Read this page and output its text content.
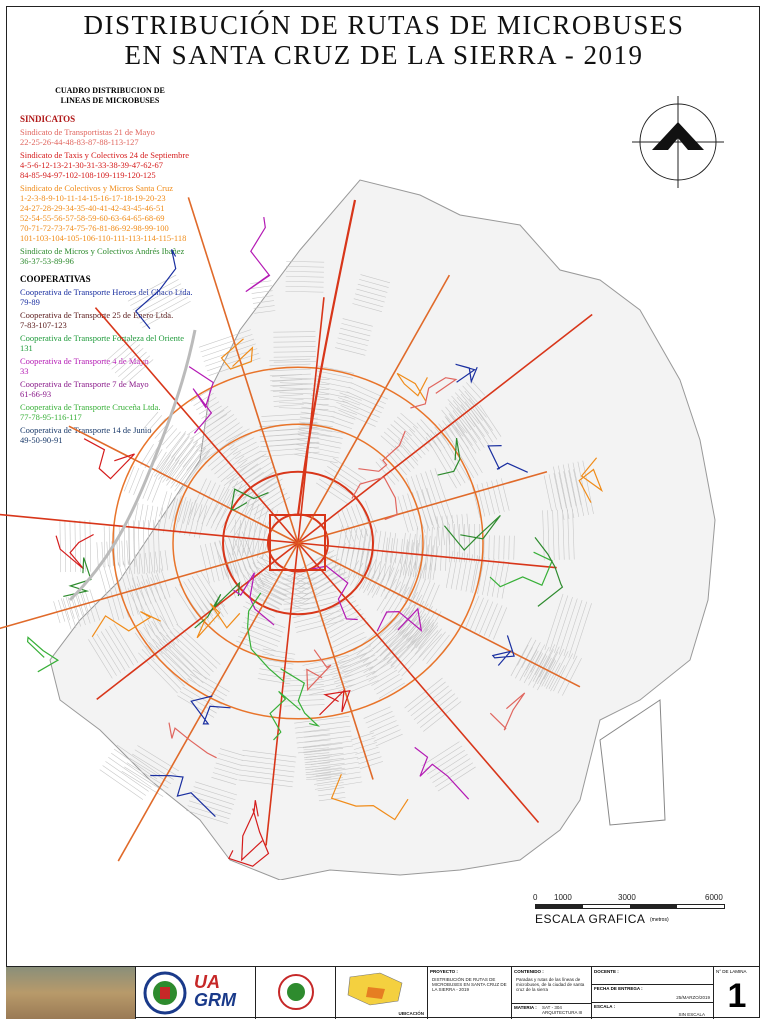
DISTRIBUCIÓN DE RUTAS DE MICROBUSES
EN SANTA CRUZ DE LA SIERRA - 2019
CUADRO DISTRIBUCION DE
LINEAS DE MICROBUSES
SINDICATOS
Sindicato de Transportistas 21 de Mayo
22-25-26-44-48-83-87-88-113-127
Sindicato de Taxis y Colectivos 24 de Septiembre
4-5-6-12-13-21-30-31-33-38-39-47-62-67
84-85-94-97-102-108-109-119-120-125
Sindicato de Colectivos y Micros Santa Cruz
1-2-3-8-9-10-11-14-15-16-17-18-19-20-23
24-27-28-29-34-35-40-41-42-43-45-46-51
52-54-55-56-57-58-59-60-63-64-65-68-69
70-71-72-73-74-75-76-81-86-92-98-99-100
101-103-104-105-106-110-111-113-114-115-118
Sindicato de Micros y Colectivos Andrés Ibañez
36-37-53-89-96
COOPERATIVAS
Cooperativa de Transporte Heroes del Chaco Ltda.
79-89
Cooperativa de Transporte 25 de Enero Ltda.
7-83-107-123
Cooperativa de Transporte Fortaleza del Oriente
131
Cooperativa de Transporte 4 de Mayo
33
Cooperativa de Transporte 7 de Mayo
61-66-93
Cooperativa de Transporte Cruceña Ltda.
77-78-95-116-117
Cooperativa de Transporte 14 de Junio
49-50-90-91
0 1000	3000	6000
ESCALA GRAFICA (metros)
UA
GRM
UBICACIÓN
PROYECTO :
DISTRIBUCIÓN DE RUTAS DE MICROBUSES EN SANTA CRUZ DE LA SIERRA - 2019
CONTENIDO :
Paradas y rutas de las líneas de microbuses, de la ciudad de santa cruz de la sierra
MATERIA : SAT - 304 ARQUITECTURA III
DOCENTE :
FECHA DE ENTREGA :
25/MARZO/2019
ESCALA :
SIN ESCALA
N° DE LAMINA
1
